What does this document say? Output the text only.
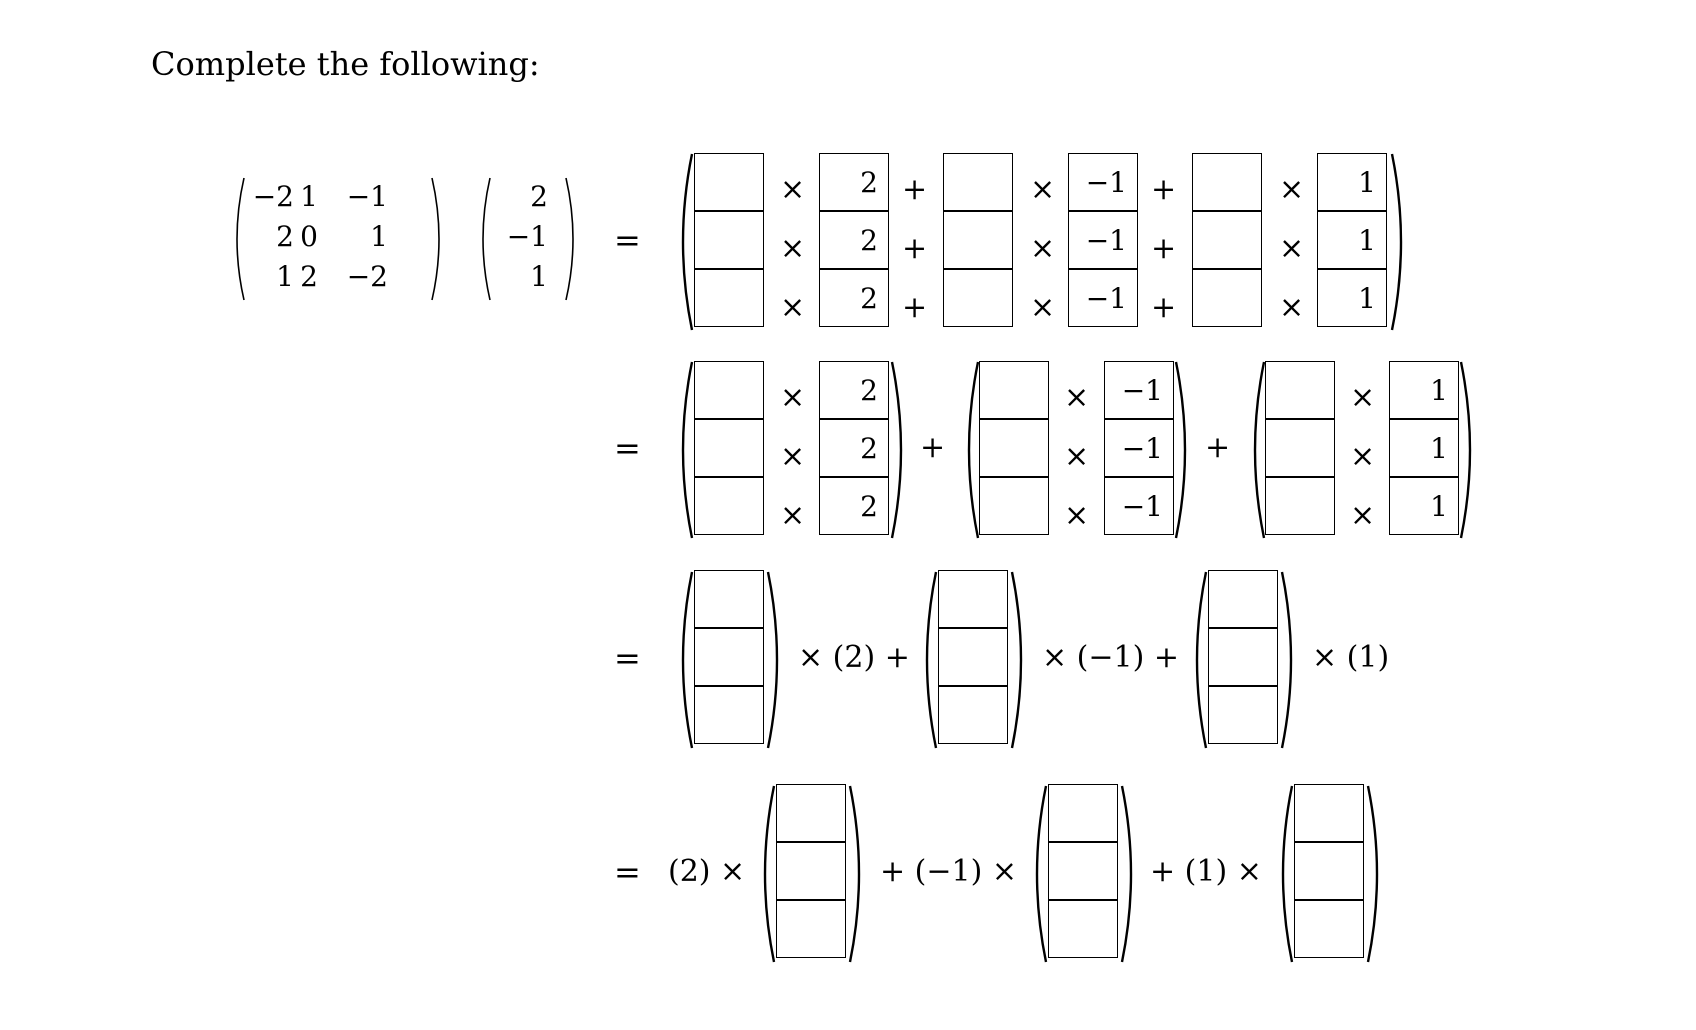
Complete the following:
−2 1	−1
2 0	1
1 2	−2
2
−1
1
=
=
=
=
×
×
×
2
2
2
+
+
+
×
×
×
−1
−1
−1
+
+
+
×
×
×
1
1
1
×
×
×
2
2
2
+
×
×
×
−1
−1
−1
+
×
×
×
1
1
1
× (2) +	× (−1) +	× (1)
(2) ×	+ (−1) ×	+ (1) ×
